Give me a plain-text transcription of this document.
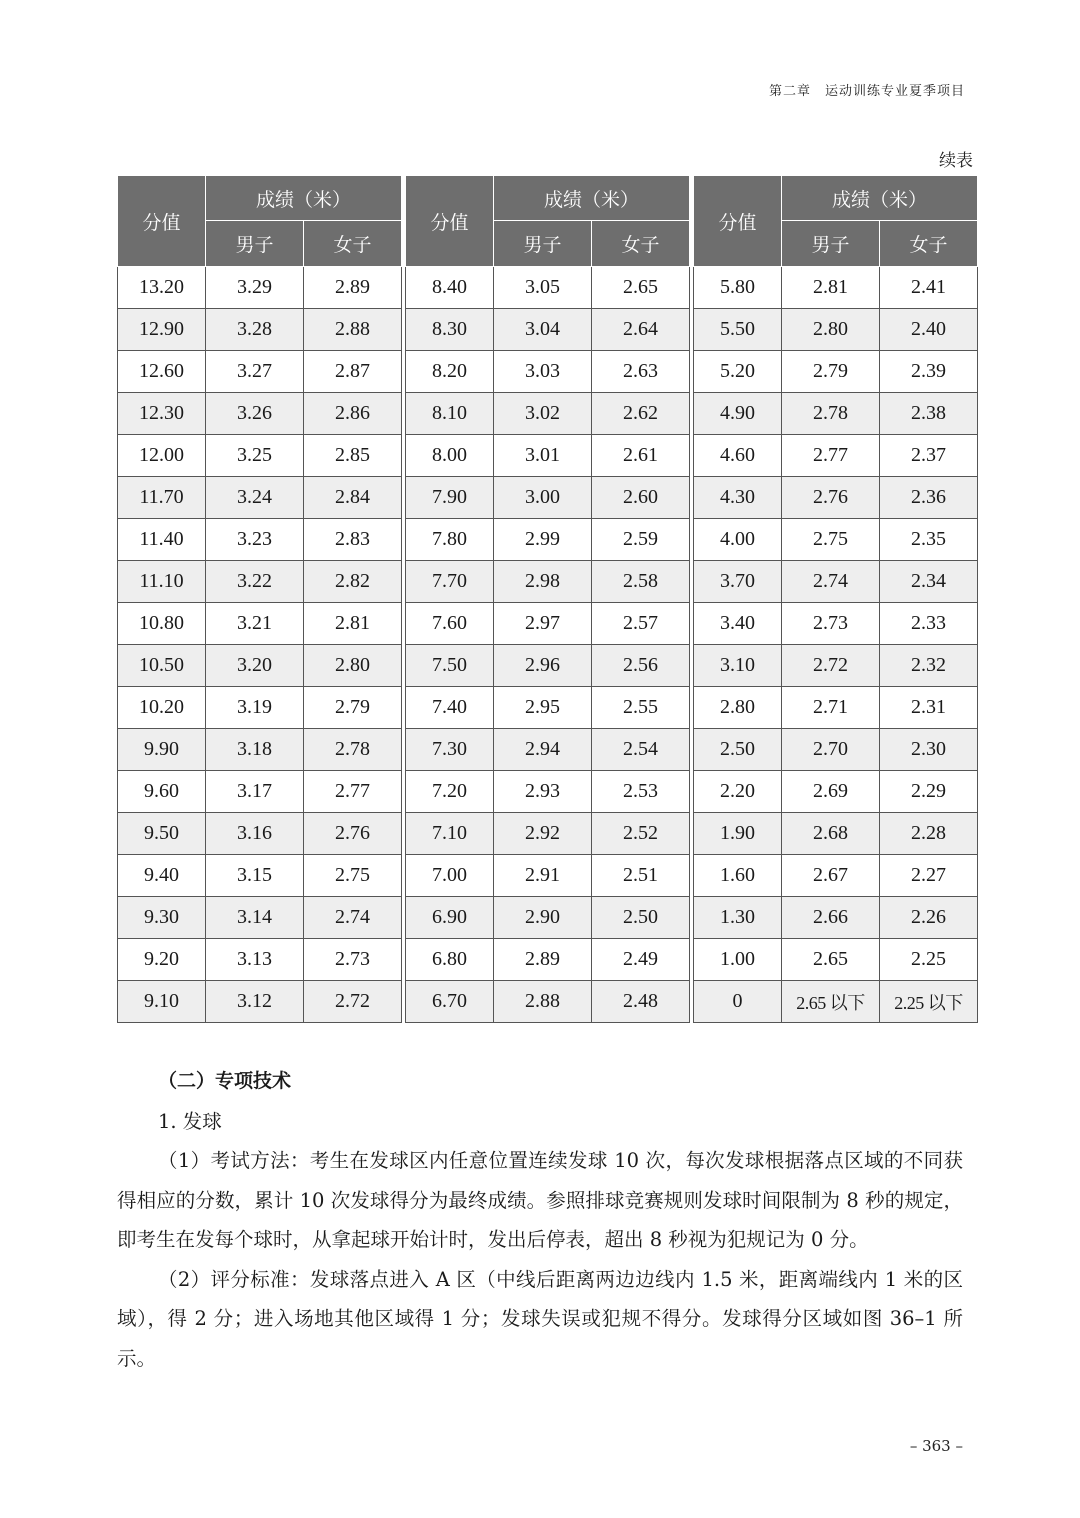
第二章　运动训练专业夏季项目
续表
分值	成绩（米）	
	男子	女子
13.20	3.29	2.89
12.90	3.28	2.88
12.60	3.27	2.87
12.30	3.26	2.86
12.00	3.25	2.85
11.70	3.24	2.84
11.40	3.23	2.83
11.10	3.22	2.82
10.80	3.21	2.81
10.50	3.20	2.80
10.20	3.19	2.79
9.90	3.18	2.78
9.60	3.17	2.77
9.50	3.16	2.76
9.40	3.15	2.75
9.30	3.14	2.74
9.20	3.13	2.73
9.10	3.12	2.72
分值	成绩（米）	
	男子	女子
8.40	3.05	2.65
8.30	3.04	2.64
8.20	3.03	2.63
8.10	3.02	2.62
8.00	3.01	2.61
7.90	3.00	2.60
7.80	2.99	2.59
7.70	2.98	2.58
7.60	2.97	2.57
7.50	2.96	2.56
7.40	2.95	2.55
7.30	2.94	2.54
7.20	2.93	2.53
7.10	2.92	2.52
7.00	2.91	2.51
6.90	2.90	2.50
6.80	2.89	2.49
6.70	2.88	2.48
分值	成绩（米）	
	男子	女子
5.80	2.81	2.41
5.50	2.80	2.40
5.20	2.79	2.39
4.90	2.78	2.38
4.60	2.77	2.37
4.30	2.76	2.36
4.00	2.75	2.35
3.70	2.74	2.34
3.40	2.73	2.33
3.10	2.72	2.32
2.80	2.71	2.31
2.50	2.70	2.30
2.20	2.69	2.29
1.90	2.68	2.28
1.60	2.67	2.27
1.30	2.66	2.26
1.00	2.65	2.25
0	2.65 以下	2.25 以下

（二）专项技术

1. 发球

（1）考试方法：考生在发球区内任意位置连续发球 10 次，每次发球根据落点区域的不同获得相应的分数，累计 10 次发球得分为最终成绩。参照排球竞赛规则发球时间限制为 8 秒的规定，即考生在发每个球时，从拿起球开始计时，发出后停表，超出 8 秒视为犯规记为 0 分。

（2）评分标准：发球落点进入 A 区（中线后距离两边边线内 1.5 米，距离端线内 1 米的区域），得 2 分；进入场地其他区域得 1 分；发球失误或犯规不得分。发球得分区域如图 36–1 所示。

– 363 –
